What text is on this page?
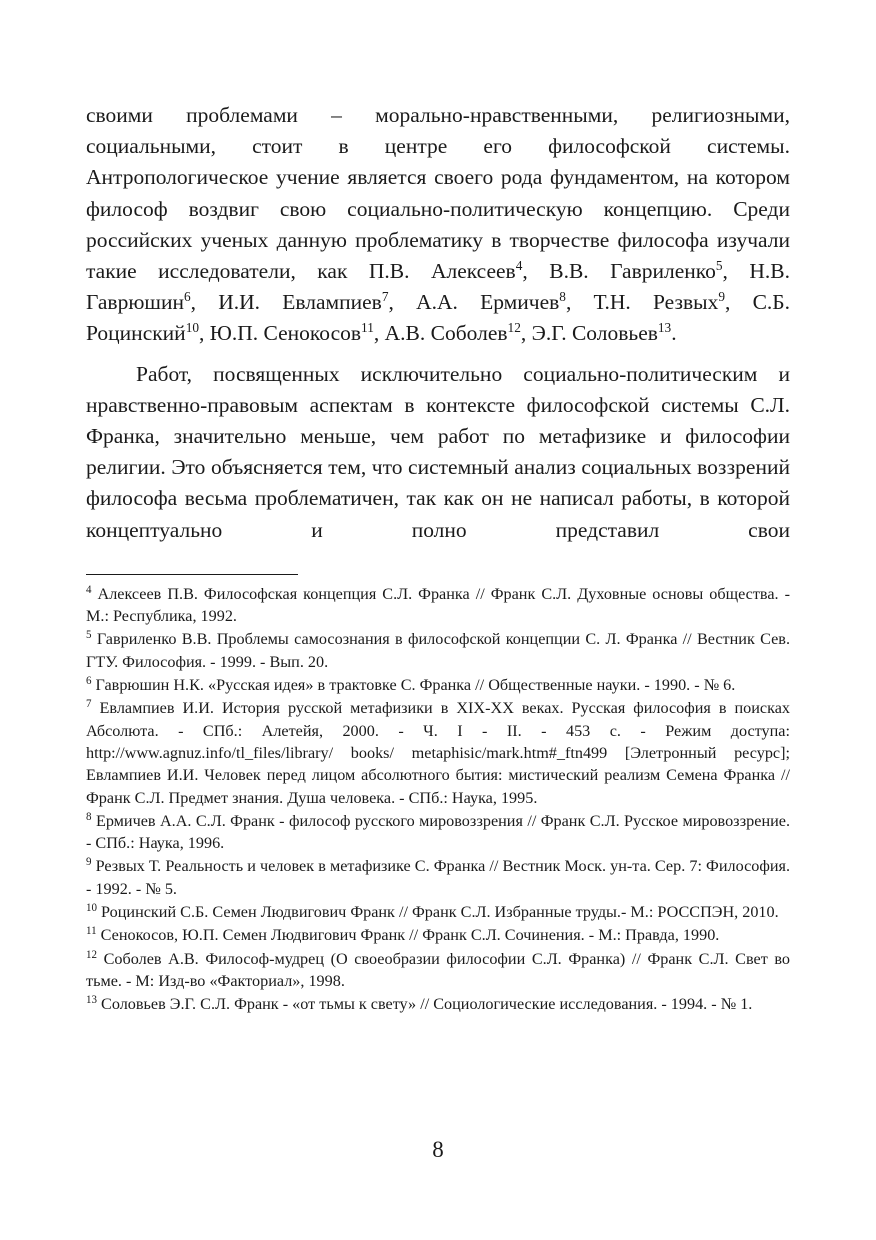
своими проблемами – морально-нравственными, религиозными, социальными, стоит в центре его философской системы. Антропологическое учение является своего рода фундаментом, на котором философ воздвиг свою социально-политическую концепцию. Среди российских ученых данную проблематику в творчестве философа изучали такие исследователи, как П.В. Алексеев$^4$, В.В. Гавриленко$^5$, Н.В. Гаврюшин$^6$, И.И. Евлампиев$^7$, А.А. Ермичев$^8$, Т.Н. Резвых$^9$, С.Б. Роцинский$^{10}$, Ю.П. Сенокосов$^{11}$, А.В. Соболев$^{12}$, Э.Г. Соловьев$^{13}$.

Работ, посвященных исключительно социально-политическим и нравственно-правовым аспектам в контексте философской системы С.Л. Франка, значительно меньше, чем работ по метафизике и философии религии. Это объясняется тем, что системный анализ социальных воззрений философа весьма проблематичен, так как он не написал работы, в которой концептуально и полно представил свои

$^4$ Алексеев П.В. Философская концепция С.Л. Франка // Франк С.Л. Духовные основы общества. - М.: Республика, 1992.

$^5$ Гавриленко В.В. Проблемы самосознания в философской концепции С. Л. Франка // Вестник Сев. ГТУ. Философия. - 1999. - Вып. 20.

$^6$ Гаврюшин Н.К. «Русская идея» в трактовке С. Франка // Общественные науки. - 1990. - № 6.

$^7$ Евлампиев И.И. История русской метафизики в XIX-XX веках. Русская философия в поисках Абсолюта. - СПб.: Алетейя, 2000. - Ч. I - II. - 453 с. - Режим доступа: http://www.agnuz.info/tl_files/library/ books/ metaphisic/mark.htm#_ftn499 [Элетронный ресурс]; Евлампиев И.И. Человек перед лицом абсолютного бытия: мистический реализм Семена Франка // Франк С.Л. Предмет знания. Душа человека. - СПб.: Наука, 1995.

$^8$ Ермичев А.А. С.Л. Франк - философ русского мировоззрения // Франк С.Л. Русское мировоззрение. - СПб.: Наука, 1996.

$^9$ Резвых Т. Реальность и человек в метафизике С. Франка // Вестник Моск. ун-та. Сер. 7: Философия. - 1992. - № 5.

$^{10}$ Роцинский С.Б. Семен Людвигович Франк // Франк С.Л. Избранные труды.- М.: РОССПЭН, 2010.

$^{11}$ Сенокосов, Ю.П. Семен Людвигович Франк // Франк С.Л. Сочинения. - М.: Правда, 1990.

$^{12}$ Соболев А.В. Философ-мудрец (О своеобразии философии С.Л. Франка) // Франк С.Л. Свет во тьме. - М: Изд-во «Факториал», 1998.

$^{13}$ Соловьев Э.Г. С.Л. Франк - «от тьмы к свету» // Социологические исследования. - 1994. - № 1.

8
